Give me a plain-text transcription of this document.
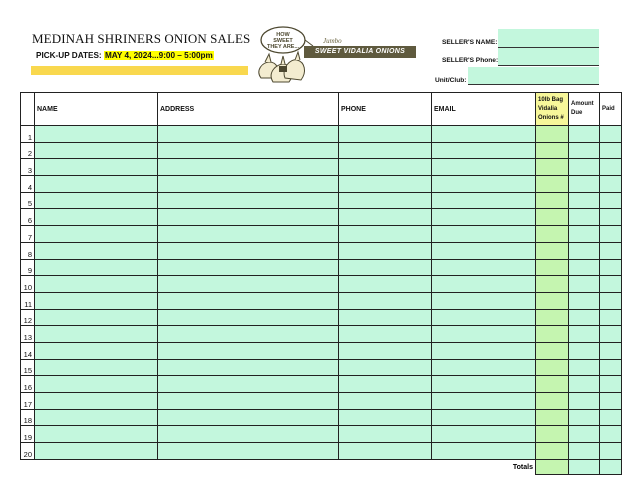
MEDINAH SHRINERS ONION SALES
PICK-UP DATES: MAY 4, 2024...9:00 – 5:00pm
HOW
SWEET
THEY ARE...
Jumbo
SWEET VIDALIA ONIONS
SELLER'S NAME:
SELLER'S Phone:
Unit/Club:
	NAME	ADDRESS	PHONE	EMAIL	10lb Bag
Vidalia
Onions #	Amount
Due	Paid
1							
2							
3							
4							
5							
6							
7							
8							
9							
10							
11							
12							
13							
14							
15							
16							
17							
18							
19							
20							
				Totals			
